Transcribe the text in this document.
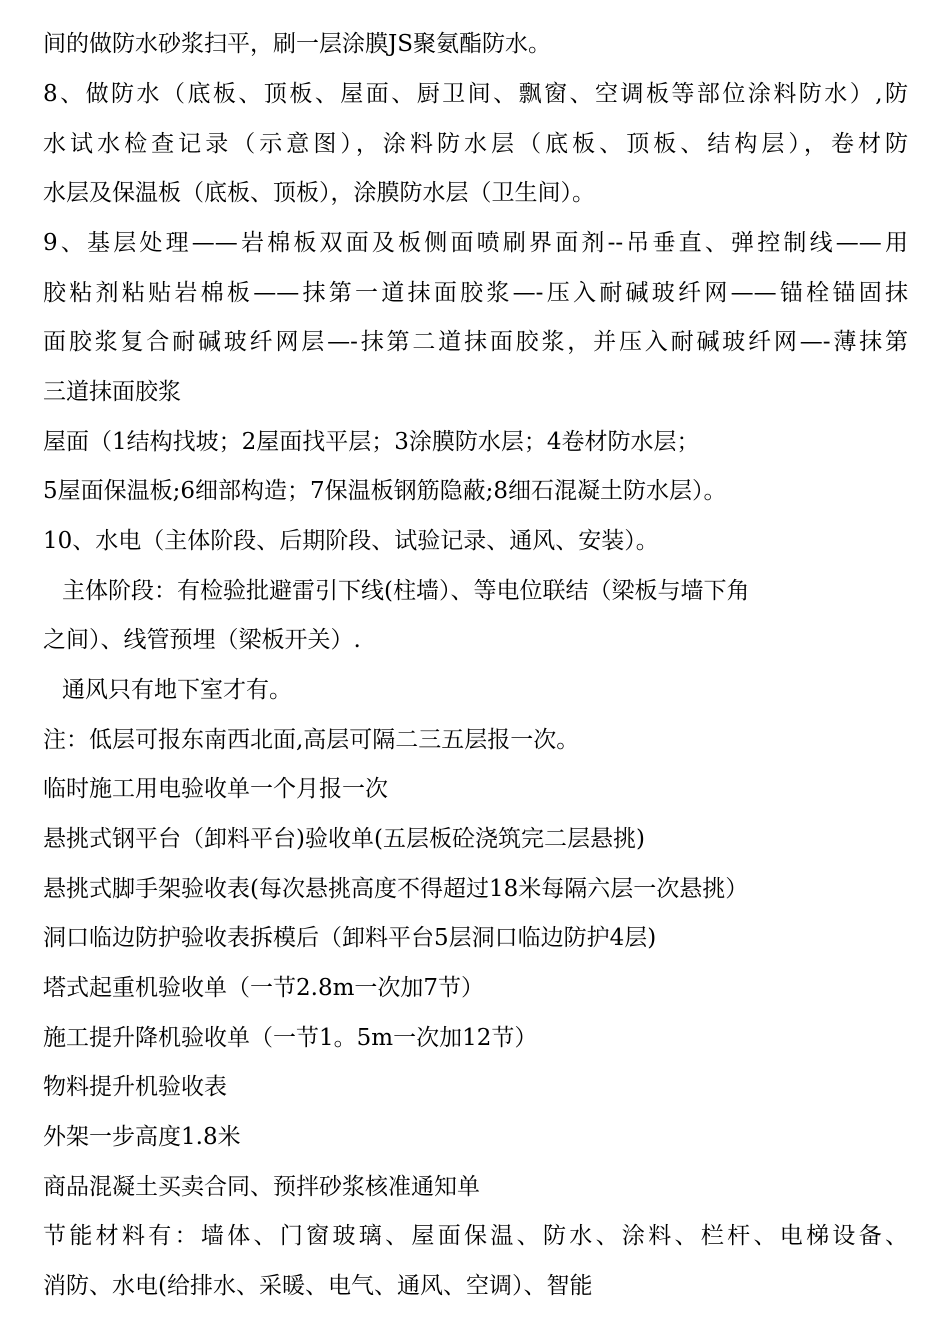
间的做防水砂浆扫平，刷一层涂膜JS聚氨酯防水。
8、做防水（底板、顶板、屋面、厨卫间、飘窗、空调板等部位涂料防水）,防
水试水检查记录（示意图），涂料防水层（底板、顶板、结构层），卷材防
水层及保温板（底板、顶板），涂膜防水层（卫生间）。
9、基层处理——岩棉板双面及板侧面喷刷界面剂--吊垂直、弹控制线——用
胶粘剂粘贴岩棉板——抹第一道抹面胶浆—-压入耐碱玻纤网——锚栓锚固抹
面胶浆复合耐碱玻纤网层—-抹第二道抹面胶浆，并压入耐碱玻纤网—-薄抹第
三道抹面胶浆
屋面（1结构找坡；2屋面找平层；3涂膜防水层；4卷材防水层；
5屋面保温板;6细部构造；7保温板钢筋隐蔽;8细石混凝土防水层）。
10、水电（主体阶段、后期阶段、试验记录、通风、安装）。
主体阶段：有检验批避雷引下线(柱墙）、等电位联结（梁板与墙下角
之间）、线管预埋（梁板开关）.
通风只有地下室才有。
注：低层可报东南西北面,高层可隔二三五层报一次。
临时施工用电验收单一个月报一次
悬挑式钢平台（卸料平台)验收单(五层板砼浇筑完二层悬挑)
悬挑式脚手架验收表(每次悬挑高度不得超过18米每隔六层一次悬挑）
洞口临边防护验收表拆模后（卸料平台5层洞口临边防护4层)
塔式起重机验收单（一节2.8m一次加7节）
施工提升降机验收单（一节1。5m一次加12节）
物料提升机验收表
外架一步高度1.8米
商品混凝土买卖合同、预拌砂浆核准通知单
节能材料有：墙体、门窗玻璃、屋面保温、防水、涂料、栏杆、电梯设备、
消防、水电(给排水、采暖、电气、通风、空调）、智能
